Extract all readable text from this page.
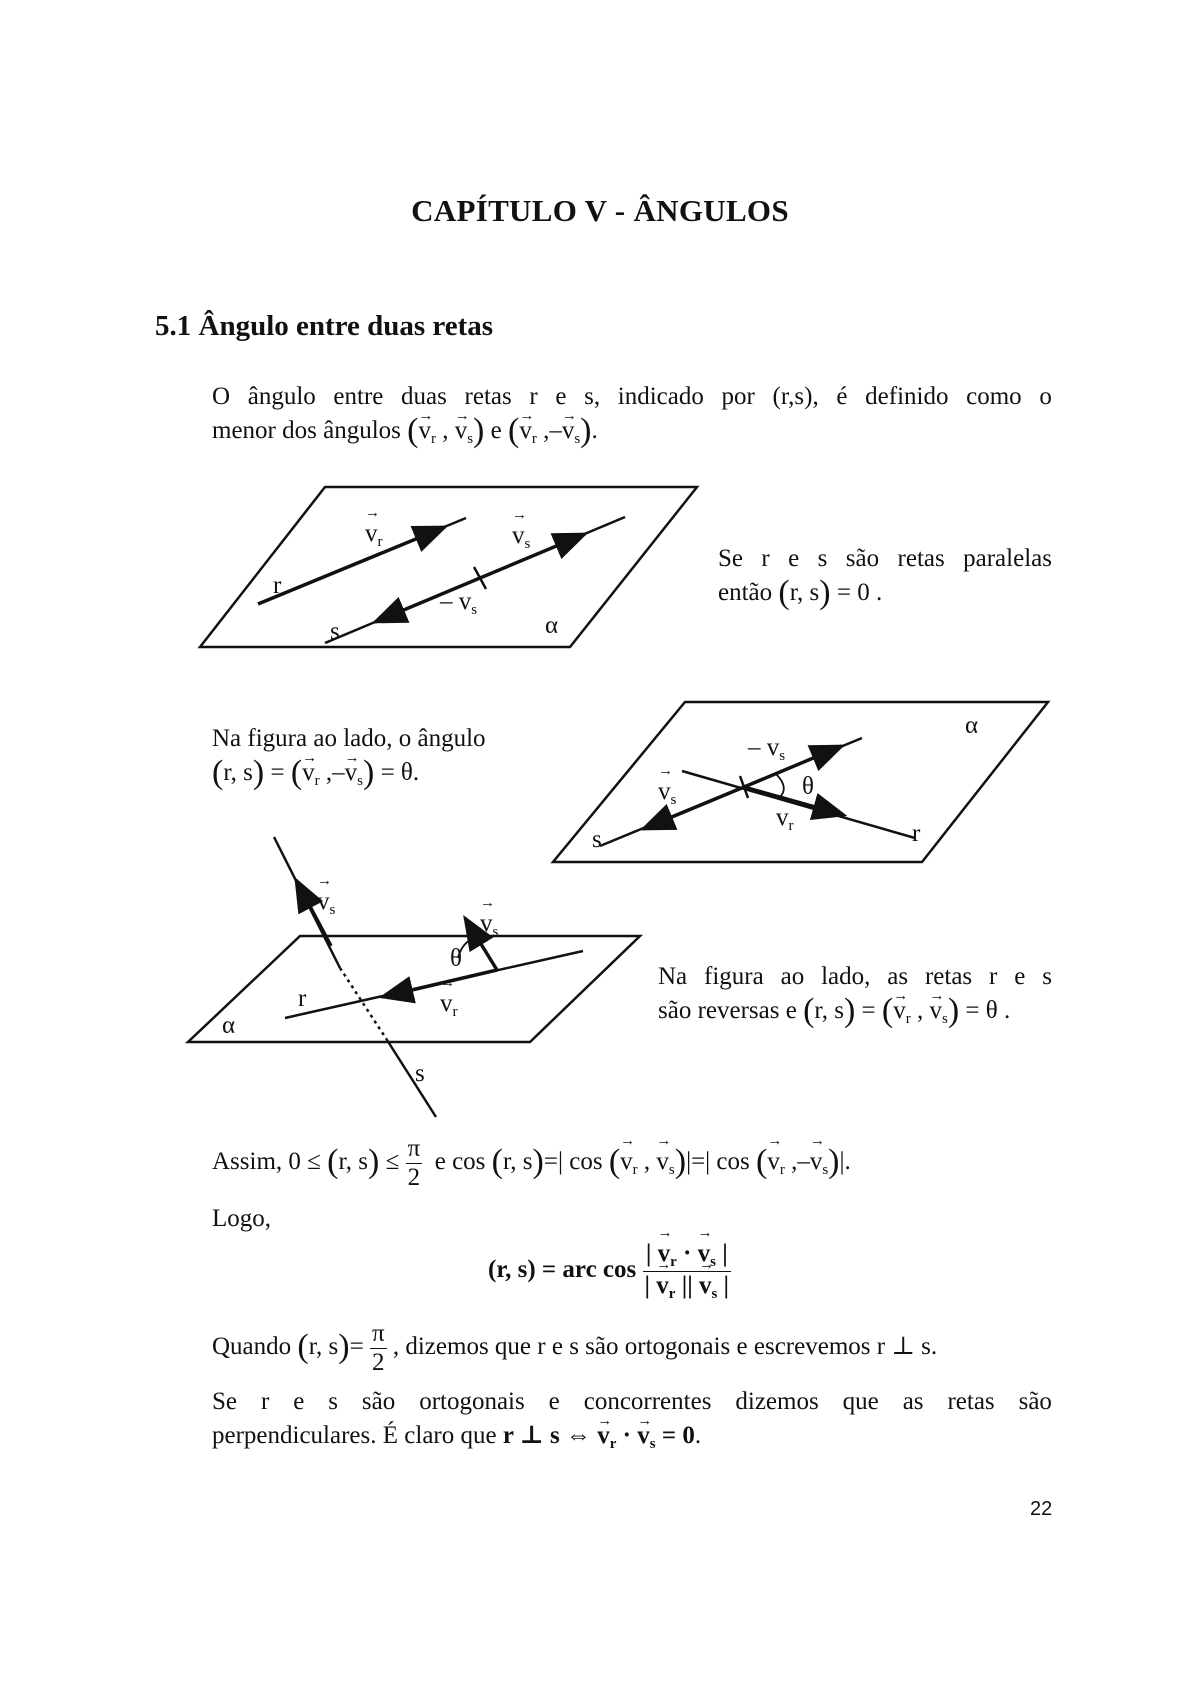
CAPÍTULO V - ÂNGULOS
5.1 Ângulo entre duas retas
O ângulo entre duas retas r e s, indicado por (r,s), é definido como o
menor dos ângulos (→ $v_r$ , → $v_s$) e (→ $v_r$ ,–→ $v_s$).
→ $v_r$	→ $v_s$
r
– $v_s$
s	α
Se r e s são retas paralelas
então (r, s) = 0 .
Na figura ao lado, o ângulo
(r, s) = (→ $v_r$ ,–→ $v_s) = \theta$.
α
– $v_s$
→ $v_s$	θ
→ $v_r$
s	r
→ $v_s$	→ $v_s$
θ
r	→ $v_r$
α
s
Na figura ao lado, as retas r e s
são reversas e (r, s) = (→ $v_r$ , → $v_s) = \theta$ .
Assim, 0 ≤ (r, $s) \le \frac{\pi}{2}$ e cos (r, s)=| cos (→ $v_r$ , → $v_s)|=|$ cos (→ $v_r$ ,–→ $v_s)|$.
Logo,
(r, s) = arc $\cos \frac{| \to v_r \cdot \to v_s |}{| \to v_r || \to v_s |}$
Quando (r, $s)= \frac{\pi}{2}$ , dizemos que r e s são ortogonais e escrevemos r ⊥ s.
Se r e s são ortogonais e concorrentes dizemos que as retas são
perpendiculares. É claro que r ⊥ s ⇔ → $v_r$ · → $v_s = 0$.
22
